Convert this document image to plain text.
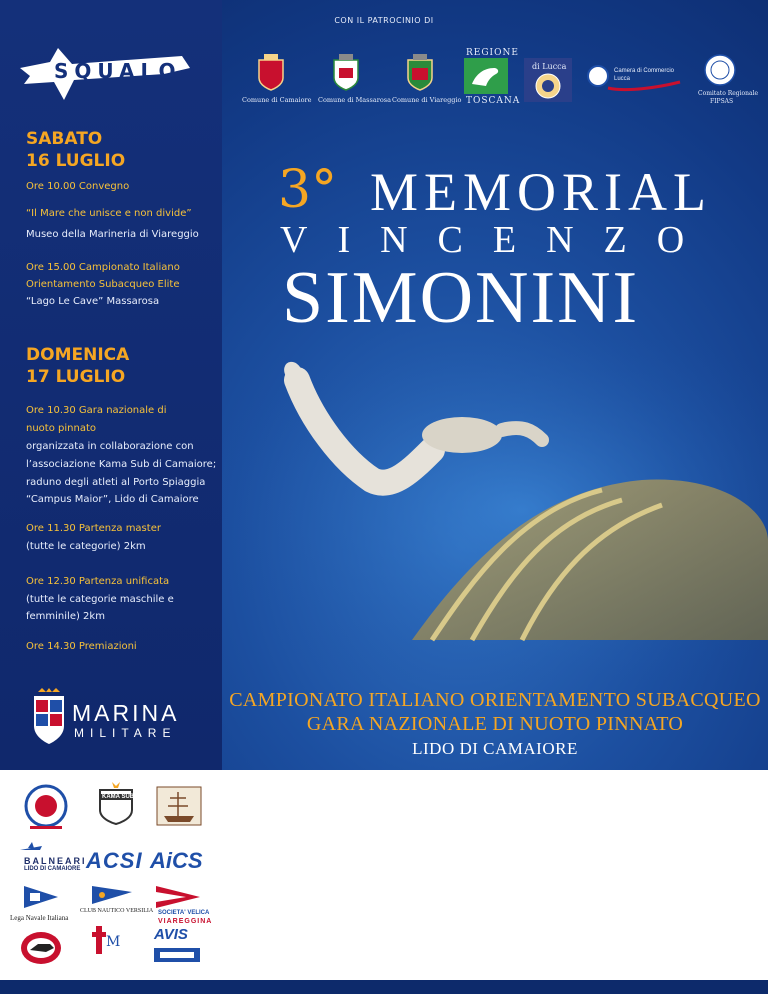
SQUALO
SABATO
16 LUGLIO
Ore 10.00 Convegno
“Il Mare che unisce e non divide”
Museo della Marineria di Viareggio
Ore 15.00 Campionato Italiano
Orientamento Subacqueo Elite
“Lago Le Cave” Massarosa
DOMENICA
17 LUGLIO
Ore 10.30 Gara nazionale di
nuoto pinnato
organizzata in collaborazione con
l’associazione Kama Sub di Camaiore;
raduno degli atleti al Porto Spiaggia
“Campus Maior”, Lido di Camaiore
Ore 11.30 Partenza master
(tutte le categorie) 2km
Ore 12.30 Partenza unificata
(tutte le categorie maschile e
femminile) 2km
Ore 14.30 Premiazioni
MARINA
MILITARE
CON IL PATROCINIO DI
Comune di Camaiore Comune di Massarosa Comune di Viareggio
REGIONE
TOSCANA
di Lucca	Camera di Commercio
Lucca
Comitato Regionale
FIPSAS
3° MEMORIAL
VINCENZO
SIMONINI
CAMPIONATO ITALIANO ORIENTAMENTO SUBACQUEO
GARA NAZIONALE DI NUOTO PINNATO
LIDO DI CAMAIORE
KAMA SUB
BALNEARI
LIDO DI CAMAIORE ACSI AiCS
Lega Navale Italiana
CLUB NAUTICO VERSILIA SOCIETA' VELICA
VIAREGGINA
M AVIS
